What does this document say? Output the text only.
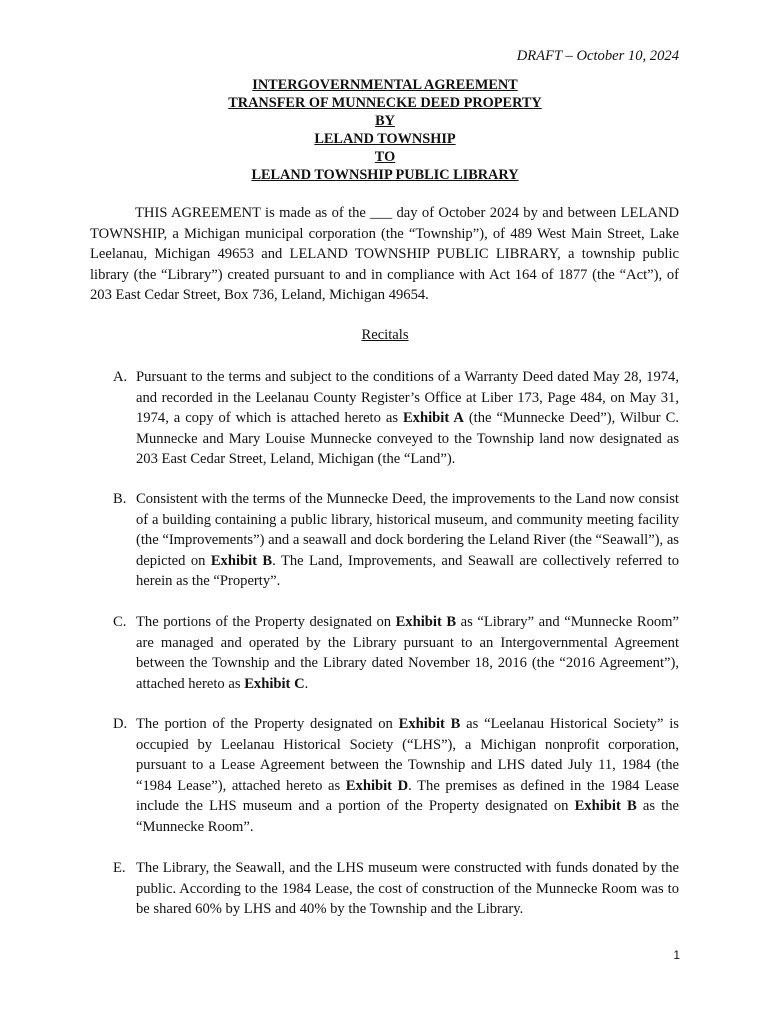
DRAFT – October 10, 2024
INTERGOVERNMENTAL AGREEMENT
TRANSFER OF MUNNECKE DEED PROPERTY
BY
LELAND TOWNSHIP
TO
LELAND TOWNSHIP PUBLIC LIBRARY

THIS AGREEMENT is made as of the ___ day of October 2024 by and between LELAND TOWNSHIP, a Michigan municipal corporation (the “Township”), of 489 West Main Street, Lake Leelanau, Michigan 49653 and LELAND TOWNSHIP PUBLIC LIBRARY, a township public library (the “Library”) created pursuant to and in compliance with Act 164 of 1877 (the “Act”), of 203 East Cedar Street, Box 736, Leland, Michigan 49654.

Recitals
A. Pursuant to the terms and subject to the conditions of a Warranty Deed dated May 28, 1974, and recorded in the Leelanau County Register’s Office at Liber 173, Page 484, on May 31, 1974, a copy of which is attached hereto as Exhibit A (the “Munnecke Deed”), Wilbur C. Munnecke and Mary Louise Munnecke conveyed to the Township land now designated as 203 East Cedar Street, Leland, Michigan (the “Land”).
B. Consistent with the terms of the Munnecke Deed, the improvements to the Land now consist of a building containing a public library, historical museum, and community meeting facility (the “Improvements”) and a seawall and dock bordering the Leland River (the “Seawall”), as depicted on Exhibit B. The Land, Improvements, and Seawall are collectively referred to herein as the “Property”.
C. The portions of the Property designated on Exhibit B as “Library” and “Munnecke Room” are managed and operated by the Library pursuant to an Intergovernmental Agreement between the Township and the Library dated November 18, 2016 (the “2016 Agreement”), attached hereto as Exhibit C.
D. The portion of the Property designated on Exhibit B as “Leelanau Historical Society” is occupied by Leelanau Historical Society (“LHS”), a Michigan nonprofit corporation, pursuant to a Lease Agreement between the Township and LHS dated July 11, 1984 (the “1984 Lease”), attached hereto as Exhibit D. The premises as defined in the 1984 Lease include the LHS museum and a portion of the Property designated on Exhibit B as the “Munnecke Room”.
E. The Library, the Seawall, and the LHS museum were constructed with funds donated by the public. According to the 1984 Lease, the cost of construction of the Munnecke Room was to be shared 60% by LHS and 40% by the Township and the Library.
1
